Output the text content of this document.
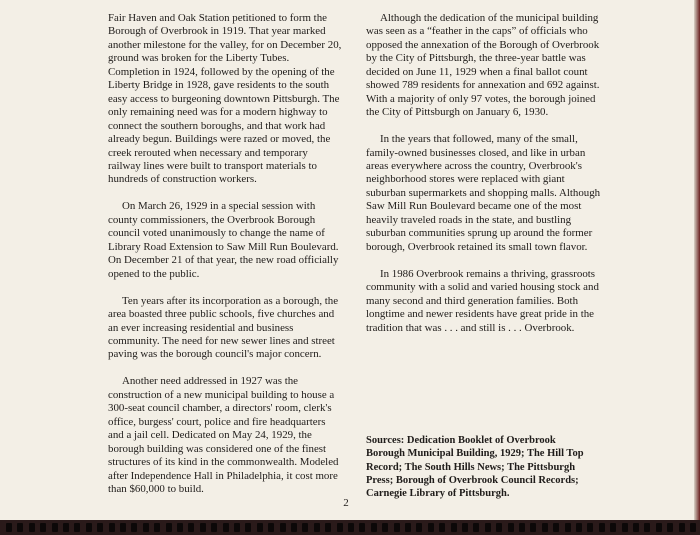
Fair Haven and Oak Station petitioned to form the Borough of Overbrook in 1919. That year marked another milestone for the valley, for on December 20, ground was broken for the Liberty Tubes. Completion in 1924, followed by the opening of the Liberty Bridge in 1928, gave residents to the south easy access to burgeoning downtown Pittsburgh. The only remaining need was for a modern highway to connect the southern boroughs, and that work had already begun. Buildings were razed or moved, the creek rerouted when necessary and temporary railway lines were built to transport materials to hundreds of construction workers.

On March 26, 1929 in a special session with county commissioners, the Overbrook Borough council voted unanimously to change the name of Library Road Extension to Saw Mill Run Boulevard. On December 21 of that year, the new road officially opened to the public.

Ten years after its incorporation as a borough, the area boasted three public schools, five churches and an ever increasing residential and business community. The need for new sewer lines and street paving was the borough council's major concern.

Another need addressed in 1927 was the construction of a new municipal building to house a 300-seat council chamber, a directors' room, clerk's office, burgess' court, police and fire headquarters and a jail cell. Dedicated on May 24, 1929, the borough building was considered one of the finest structures of its kind in the commonwealth. Modeled after Independence Hall in Philadelphia, it cost more than $60,000 to build.

Although the dedication of the municipal building was seen as a “feather in the caps” of officials who opposed the annexation of the Borough of Overbrook by the City of Pittsburgh, the three-year battle was decided on June 11, 1929 when a final ballot count showed 789 residents for annexation and 692 against. With a majority of only 97 votes, the borough joined the City of Pittsburgh on January 6, 1930.

In the years that followed, many of the small, family-owned businesses closed, and like in urban areas everywhere across the country, Overbrook's neighborhood stores were replaced with giant suburban supermarkets and shopping malls. Although Saw Mill Run Boulevard became one of the most heavily traveled roads in the state, and bustling suburban communities sprung up around the former borough, Overbrook retained its small town flavor.

In 1986 Overbrook remains a thriving, grassroots community with a solid and varied housing stock and many second and third generation families. Both longtime and newer residents have great pride in the tradition that was . . . and still is . . . Overbrook.

Sources: Dedication Booklet of Overbrook Borough Municipal Building, 1929; The Hill Top Record; The South Hills News; The Pittsburgh Press; Borough of Overbrook Council Records; Carnegie Library of Pittsburgh.
2
